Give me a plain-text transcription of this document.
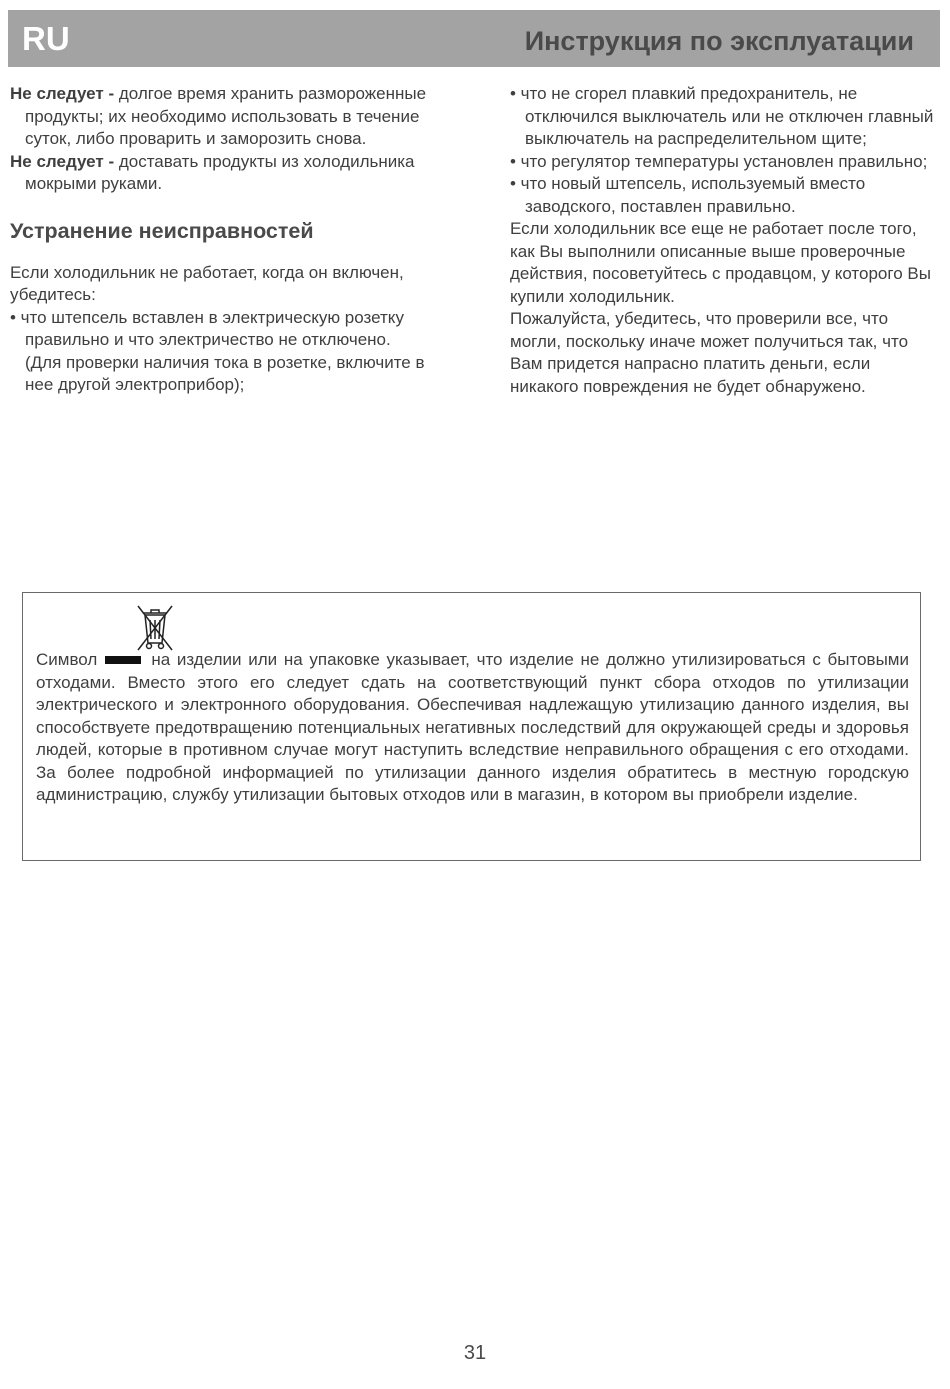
RU	Инструкция по эксплуатации

Не следует - долгое время хранить размороженные продукты; их необходимо использовать в течение суток, либо проварить и заморозить снова.

Не следует - доставать продукты из холодильника мокрыми руками.

Устранение неисправностей

Если холодильник не работает, когда он включен, убедитесь:

• что штепсель вставлен в электрическую розетку правильно и что электричество не отключено. (Для проверки наличия тока в розетке, включите в нее другой электроприбор);

• что не сгорел плавкий предохранитель, не отключился выключатель или не отключен главный выключатель на распределительном щите;

• что регулятор температуры установлен правильно;

• что новый штепсель, используемый вместо заводского, поставлен правильно.

Если холодильник все еще не работает после того, как Вы выполнили описанные выше проверочные действия, посоветуйтесь с продавцом, у которого Вы купили холодильник.

Пожалуйста, убедитесь, что проверили все, что могли, поскольку иначе может получиться так, что Вам придется напрасно платить деньги, если никакого повреждения не будет обнаружено.

Символ	на изделии или на упаковке указывает, что изделие не должно утилизироваться с бытовыми отходами. Вместо этого его следует сдать на соответствующий пункт сбора отходов по утилизации электрического и электронного оборудования. Обеспечивая надлежащую утилизацию данного изделия, вы способствуете предотвращению потенциальных негативных последствий для окружающей среды и здоровья людей, которые в противном случае могут наступить вследствие неправильного обращения с его отходами. За более подробной информацией по утилизации данного изделия обратитесь в местную городскую администрацию, службу утилизации бытовых отходов или в магазин, в котором вы приобрели изделие.
31
